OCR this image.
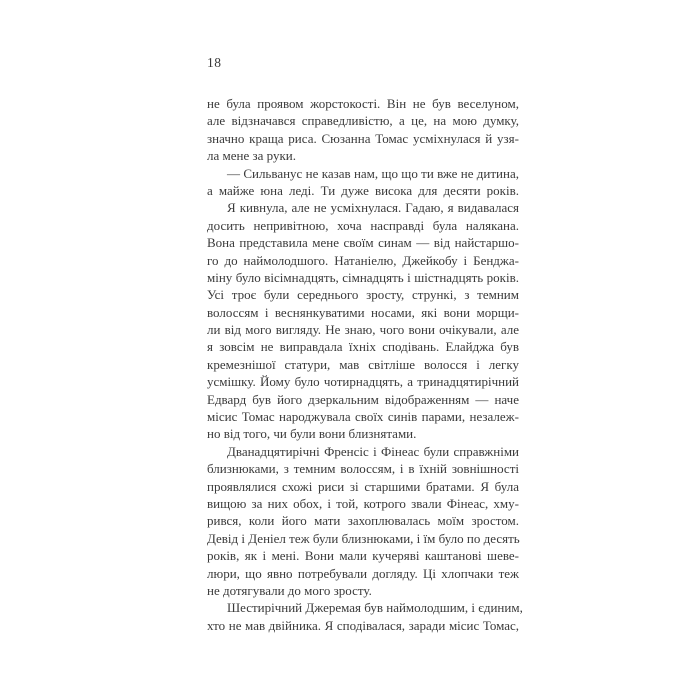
18
не була проявом жорстокості. Він не був веселуном,
але відзначався справедливістю, а це, на мою думку,
значно краща риса. Сюзанна Томас усміхнулася й узя-
ла мене за руки.
— Сильванус не казав нам, що що ти вже не дитина,
а майже юна леді. Ти дуже висока для десяти років.
Я кивнула, але не усміхнулася. Гадаю, я видавалася
досить непривітною, хоча насправді була налякана.
Вона представила мене своїм синам — від найстаршо-
го до наймолодшого. Натаніелю, Джейкобу і Бенджа-
міну було вісімнадцять, сімнадцять і шістнадцять років.
Усі троє були середнього зросту, стрункі, з темним
волоссям і веснянкуватими носами, які вони морщи-
ли від мого вигляду. Не знаю, чого вони очікували, але
я зовсім не виправдала їхніх сподівань. Елайджа був
кремезнішої статури, мав світліше волосся і легку
усмішку. Йому було чотирнадцять, а тринадцятирічний
Едвард був його дзеркальним відображенням — наче
місис Томас народжувала своїх синів парами, незалеж-
но від того, чи були вони близнятами.
Дванадцятирічні Френсіс і Фінеас були справжніми
близнюками, з темним волоссям, і в їхній зовнішності
проявлялися схожі риси зі старшими братами. Я була
вищою за них обох, і той, котрого звали Фінеас, хму-
рився, коли його мати захоплювалась моїм зростом.
Девід і Деніел теж були близнюками, і їм було по десять
років, як і мені. Вони мали кучеряві каштанові шеве-
люри, що явно потребували догляду. Ці хлопчаки теж
не дотягували до мого зросту.
Шестирічний Джеремая був наймолодшим, і єдиним,
хто не мав двійника. Я сподівалася, заради місис Томас,
